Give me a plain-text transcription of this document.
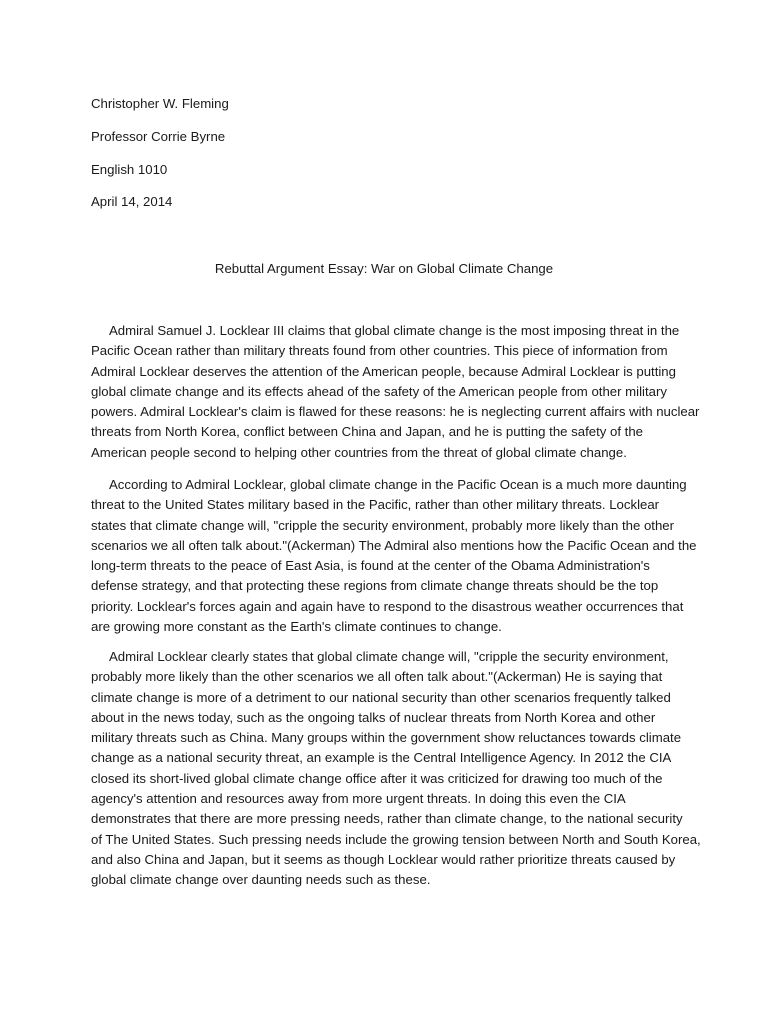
Christopher W. Fleming
Professor Corrie Byrne
English 1010
April 14, 2014
Rebuttal Argument Essay: War on Global Climate Change
Admiral Samuel J. Locklear III claims that global climate change is the most imposing threat in the
Pacific Ocean rather than military threats found from other countries. This piece of information from
Admiral Locklear deserves the attention of the American people, because Admiral Locklear is putting
global climate change and its effects ahead of the safety of the American people from other military
powers. Admiral Locklear's claim is flawed for these reasons: he is neglecting current affairs with nuclear
threats from North Korea, conflict between China and Japan, and he is putting the safety of the
American people second to helping other countries from the threat of global climate change.
According to Admiral Locklear, global climate change in the Pacific Ocean is a much more daunting
threat to the United States military based in the Pacific, rather than other military threats. Locklear
states that climate change will, "cripple the security environment, probably more likely than the other
scenarios we all often talk about."(Ackerman) The Admiral also mentions how the Pacific Ocean and the
long-term threats to the peace of East Asia, is found at the center of the Obama Administration's
defense strategy, and that protecting these regions from climate change threats should be the top
priority. Locklear's forces again and again have to respond to the disastrous weather occurrences that
are growing more constant as the Earth's climate continues to change.
Admiral Locklear clearly states that global climate change will, "cripple the security environment,
probably more likely than the other scenarios we all often talk about."(Ackerman) He is saying that
climate change is more of a detriment to our national security than other scenarios frequently talked
about in the news today, such as the ongoing talks of nuclear threats from North Korea and other
military threats such as China. Many groups within the government show reluctances towards climate
change as a national security threat, an example is the Central Intelligence Agency. In 2012 the CIA
closed its short-lived global climate change office after it was criticized for drawing too much of the
agency's attention and resources away from more urgent threats. In doing this even the CIA
demonstrates that there are more pressing needs, rather than climate change, to the national security
of The United States. Such pressing needs include the growing tension between North and South Korea,
and also China and Japan, but it seems as though Locklear would rather prioritize threats caused by
global climate change over daunting needs such as these.
